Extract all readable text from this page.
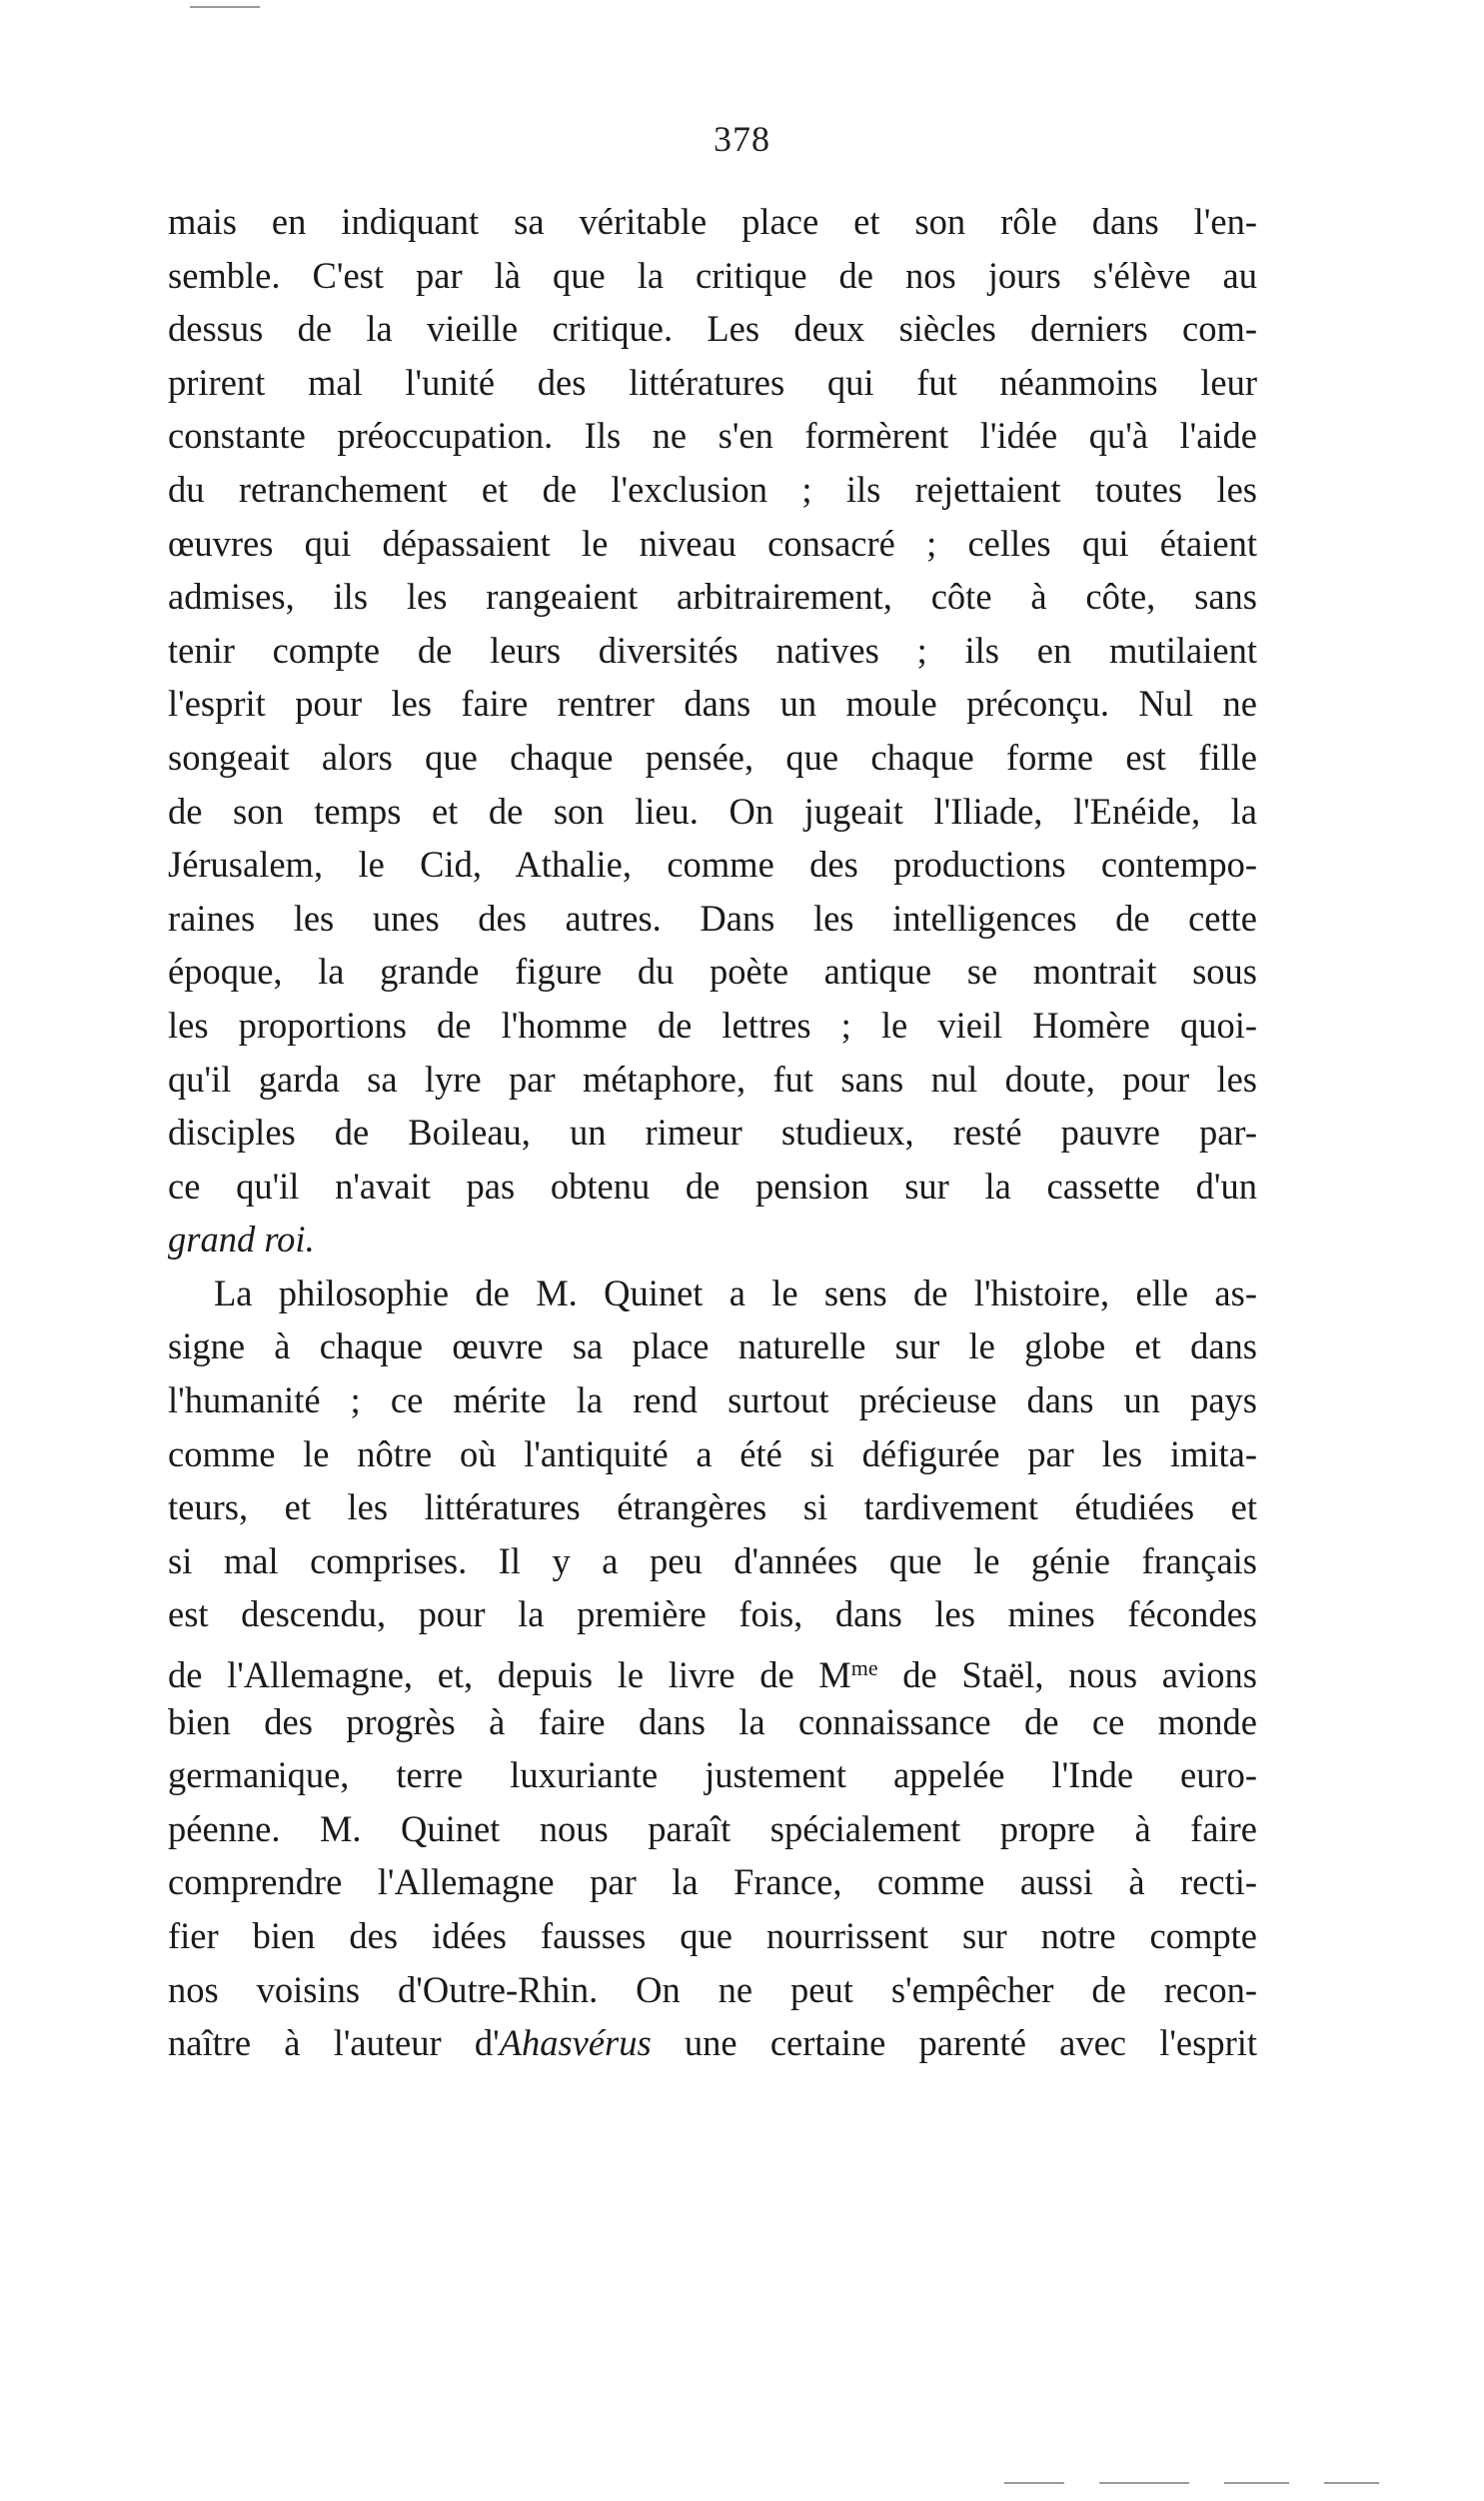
378
mais en indiquant sa véritable place et son rôle dans l'en-
semble. C'est par là que la critique de nos jours s'élève au
dessus de la vieille critique. Les deux siècles derniers com-
prirent mal l'unité des littératures qui fut néanmoins leur
constante préoccupation. Ils ne s'en formèrent l'idée qu'à l'aide
du retranchement et de l'exclusion ; ils rejettaient toutes les
œuvres qui dépassaient le niveau consacré ; celles qui étaient
admises, ils les rangeaient arbitrairement, côte à côte, sans
tenir compte de leurs diversités natives ; ils en mutilaient
l'esprit pour les faire rentrer dans un moule préconçu. Nul ne
songeait alors que chaque pensée, que chaque forme est fille
de son temps et de son lieu. On jugeait l'Iliade, l'Enéide, la
Jérusalem, le Cid, Athalie, comme des productions contempo-
raines les unes des autres. Dans les intelligences de cette
époque, la grande figure du poète antique se montrait sous
les proportions de l'homme de lettres ; le vieil Homère quoi-
qu'il garda sa lyre par métaphore, fut sans nul doute, pour les
disciples de Boileau, un rimeur studieux, resté pauvre par-
ce qu'il n'avait pas obtenu de pension sur la cassette d'un
grand roi.
La philosophie de M. Quinet a le sens de l'histoire, elle as-
signe à chaque œuvre sa place naturelle sur le globe et dans
l'humanité ; ce mérite la rend surtout précieuse dans un pays
comme le nôtre où l'antiquité a été si défigurée par les imita-
teurs, et les littératures étrangères si tardivement étudiées et
si mal comprises. Il y a peu d'années que le génie français
est descendu, pour la première fois, dans les mines fécondes
de l'Allemagne, et, depuis le livre de $M^{me}$ de Staël, nous avions
bien des progrès à faire dans la connaissance de ce monde
germanique, terre luxuriante justement appelée l'Inde euro-
péenne. M. Quinet nous paraît spécialement propre à faire
comprendre l'Allemagne par la France, comme aussi à recti-
fier bien des idées fausses que nourrissent sur notre compte
nos voisins d'Outre-Rhin. On ne peut s'empêcher de recon-
naître à l'auteur d'Ahasvérus une certaine parenté avec l'esprit
